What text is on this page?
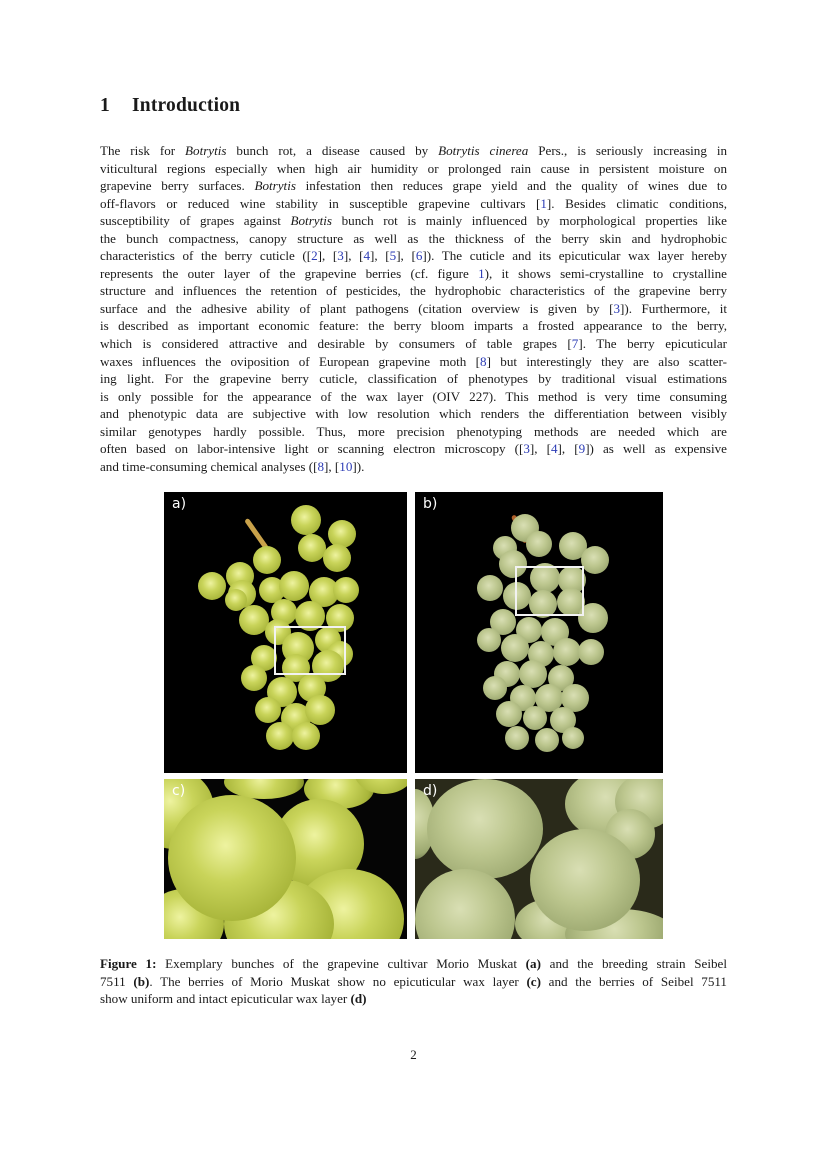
1 Introduction
The risk for Botrytis bunch rot, a disease caused by Botrytis cinerea Pers., is seriously increasing in
viticultural regions especially when high air humidity or prolonged rain cause in persistent moisture on
grapevine berry surfaces. Botrytis infestation then reduces grape yield and the quality of wines due to
off-flavors or reduced wine stability in susceptible grapevine cultivars [1]. Besides climatic conditions,
susceptibility of grapes against Botrytis bunch rot is mainly influenced by morphological properties like
the bunch compactness, canopy structure as well as the thickness of the berry skin and hydrophobic
characteristics of the berry cuticle ([2], [3], [4], [5], [6]). The cuticle and its epicuticular wax layer hereby
represents the outer layer of the grapevine berries (cf. figure 1), it shows semi-crystalline to crystalline
structure and influences the retention of pesticides, the hydrophobic characteristics of the grapevine berry
surface and the adhesive ability of plant pathogens (citation overview is given by [3]). Furthermore, it
is described as important economic feature: the berry bloom imparts a frosted appearance to the berry,
which is considered attractive and desirable by consumers of table grapes [7]. The berry epicuticular
waxes influences the oviposition of European grapevine moth [8] but interestingly they are also scatter-
ing light. For the grapevine berry cuticle, classification of phenotypes by traditional visual estimations
is only possible for the appearance of the wax layer (OIV 227). This method is very time consuming
and phenotypic data are subjective with low resolution which renders the differentiation between visibly
similar genotypes hardly possible. Thus, more precision phenotyping methods are needed which are
often based on labor-intensive light or scanning electron microscopy ([3], [4], [9]) as well as expensive
and time-consuming chemical analyses ([8], [10]).
a)	b)
c)	d)
Figure 1: Exemplary bunches of the grapevine cultivar Morio Muskat (a) and the breeding strain Seibel
7511 (b). The berries of Morio Muskat show no epicuticular wax layer (c) and the berries of Seibel 7511
show uniform and intact epicuticular wax layer (d)
2
